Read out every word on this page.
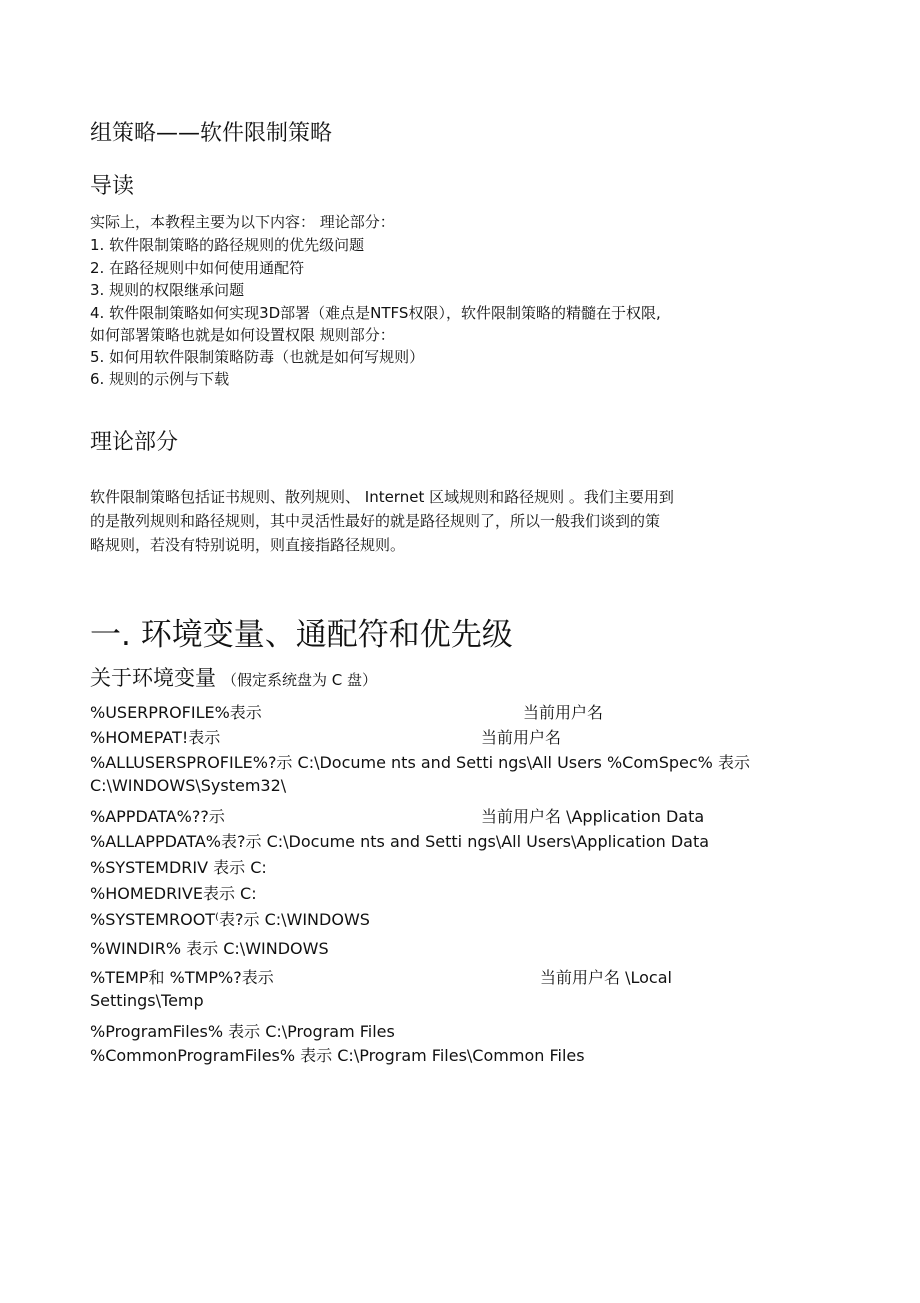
组策略——软件限制策略
导读
实际上，本教程主要为以下内容： 理论部分：
1. 软件限制策略的路径规则的优先级问题
2. 在路径规则中如何使用通配符
3. 规则的权限继承问题
4. 软件限制策略如何实现3D部署（难点是NTFS权限），软件限制策略的精髓在于权限,
如何部署策略也就是如何设置权限 规则部分：
5. 如何用软件限制策略防毒（也就是如何写规则）
6. 规则的示例与下载
理论部分
软件限制策略包括证书规则、散列规则、 Internet 区域规则和路径规则 。我们主要用到
的是散列规则和路径规则，其中灵活性最好的就是路径规则了，所以一般我们谈到的策
略规则，若没有特别说明，则直接指路径规则。
一. 环境变量、通配符和优先级
关于环境变量 （假定系统盘为 C 盘）
%USERPROFILE%表示	当前用户名
%HOMEPAT!表示	当前用户名
%ALLUSERSPROFILE%?示 C:\Docume nts and Setti ngs\All Users %ComSpec% 表示
C:\WINDOWS\System32\
%APPDATA%??示	当前用户名 \Application Data
%ALLAPPDATA%表?示 C:\Docume nts and Setti ngs\All Users\Application Data
%SYSTEMDRIV 表示 C:
%HOMEDRIVE表示 C:
%SYSTEMROOT⁽表?示 C:\WINDOWS
%WINDIR% 表示 C:\WINDOWS
%TEMP和 %TMP%?表示	当前用户名 \Local
Settings\Temp
%ProgramFiles% 表示 C:\Program Files
%CommonProgramFiles% 表示 C:\Program Files\Common Files
